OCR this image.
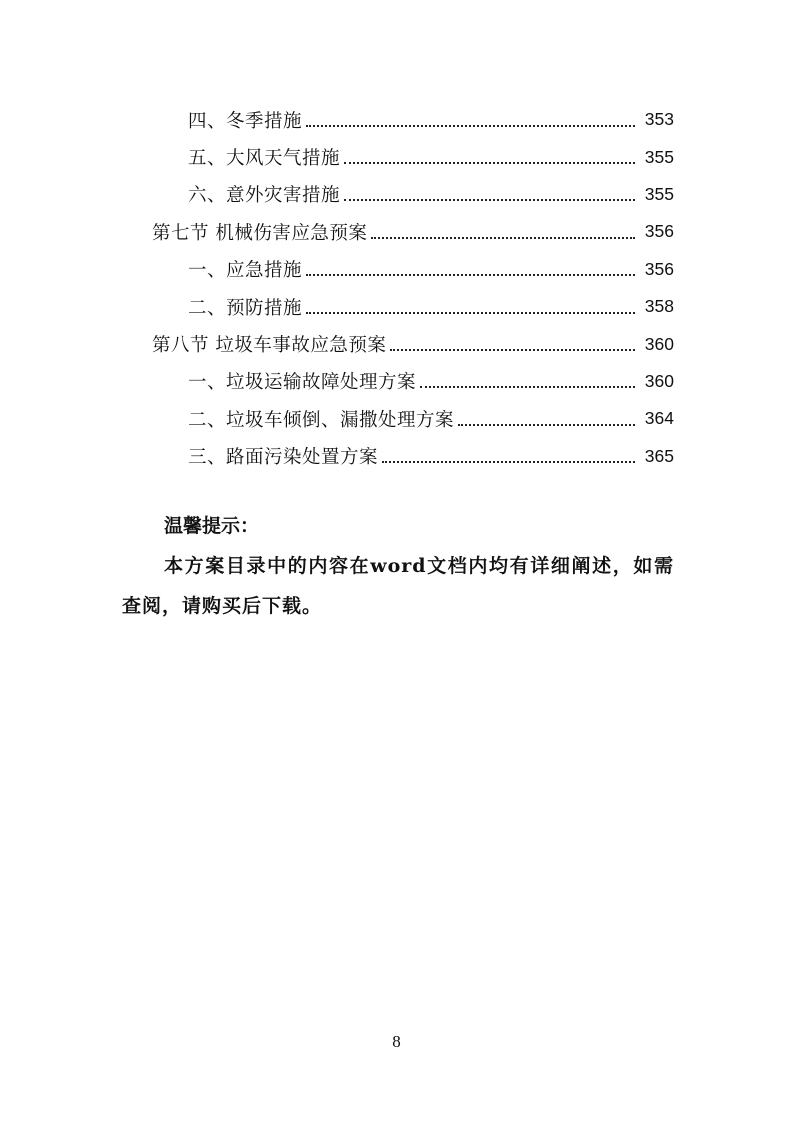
四、冬季措施	353
五、大风天气措施	355
六、意外灾害措施	355
第七节 机械伤害应急预案	356
一、应急措施	356
二、预防措施	358
第八节 垃圾车事故应急预案	360
一、垃圾运输故障处理方案	360
二、垃圾车倾倒、漏撒处理方案	364
三、路面污染处置方案	365
温馨提示：
本方案目录中的内容在word文档内均有详细阐述，如需查阅，请购买后下载。
8
